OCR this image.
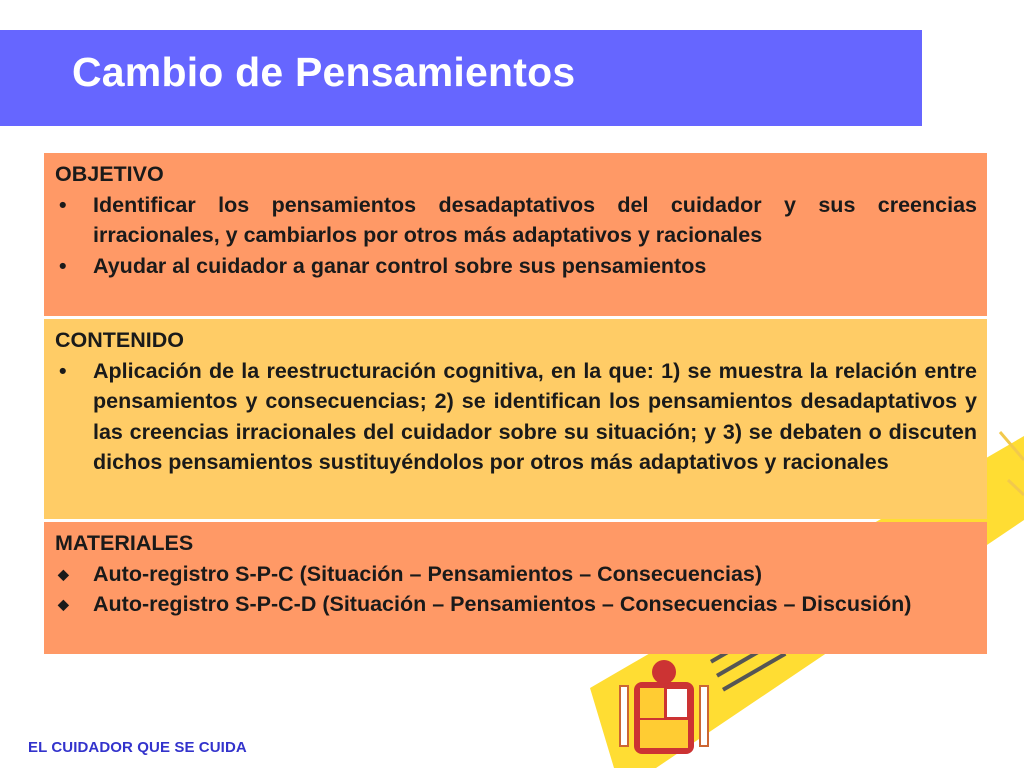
Cambio de Pensamientos

OBJETIVO

•	Identificar los pensamientos desadaptativos del cuidador y sus creencias irracionales, y cambiarlos por otros más adaptativos y racionales
•	Ayudar al cuidador a ganar control sobre sus pensamientos

CONTENIDO

•	Aplicación de la reestructuración cognitiva, en la que: 1) se muestra la relación entre pensamientos y consecuencias; 2) se identifican los pensamientos desadaptativos y las creencias irracionales del cuidador sobre su situación; y 3) se debaten o discuten dichos pensamientos sustituyéndolos por otros más adaptativos y racionales

MATERIALES

◆	Auto-registro S-P-C (Situación – Pensamientos – Consecuencias)
◆	Auto-registro S-P-C-D (Situación – Pensamientos – Consecuencias – Discusión)
EL CUIDADOR QUE SE CUIDA
